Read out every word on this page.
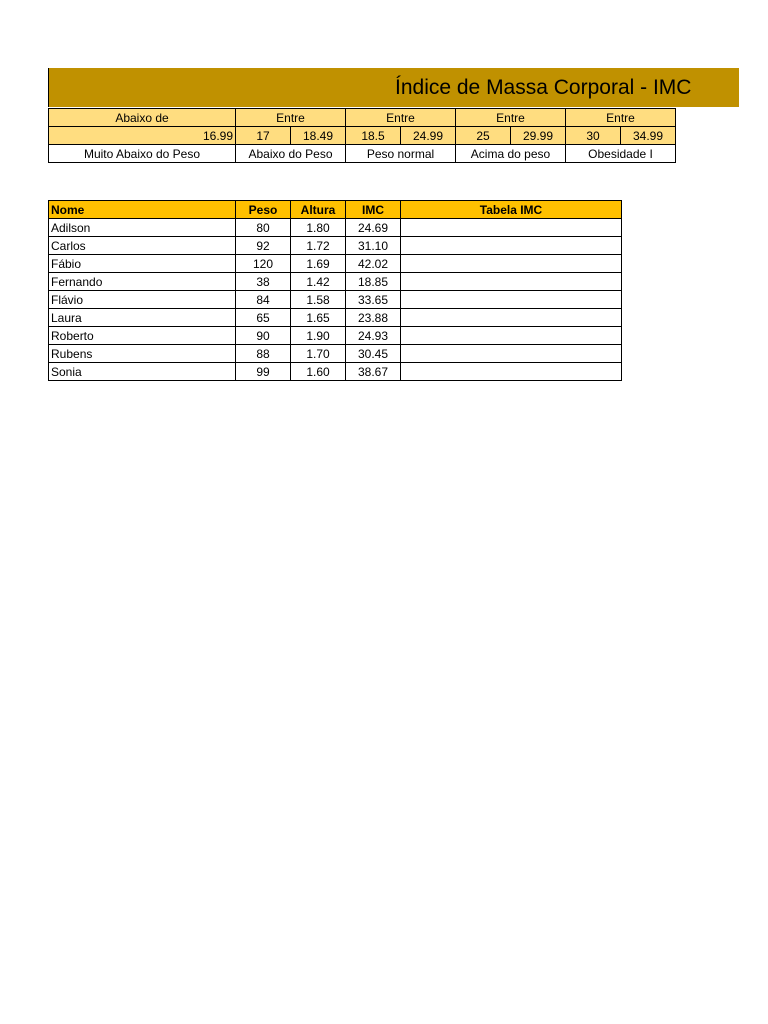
Índice de Massa Corporal - IMC
Abaixo de	Entre		Entre		Entre		Entre	
16.99	17	18.49	18.5	24.99	25	29.99	30	34.99
Muito Abaixo do Peso	Abaixo do Peso		Peso normal		Acima do peso		Obesidade I	
Nome	Peso	Altura	IMC	Tabela IMC
Adilson	80	1.80	24.69	
Carlos	92	1.72	31.10	
Fábio	120	1.69	42.02	
Fernando	38	1.42	18.85	
Flávio	84	1.58	33.65	
Laura	65	1.65	23.88	
Roberto	90	1.90	24.93	
Rubens	88	1.70	30.45	
Sonia	99	1.60	38.67	
